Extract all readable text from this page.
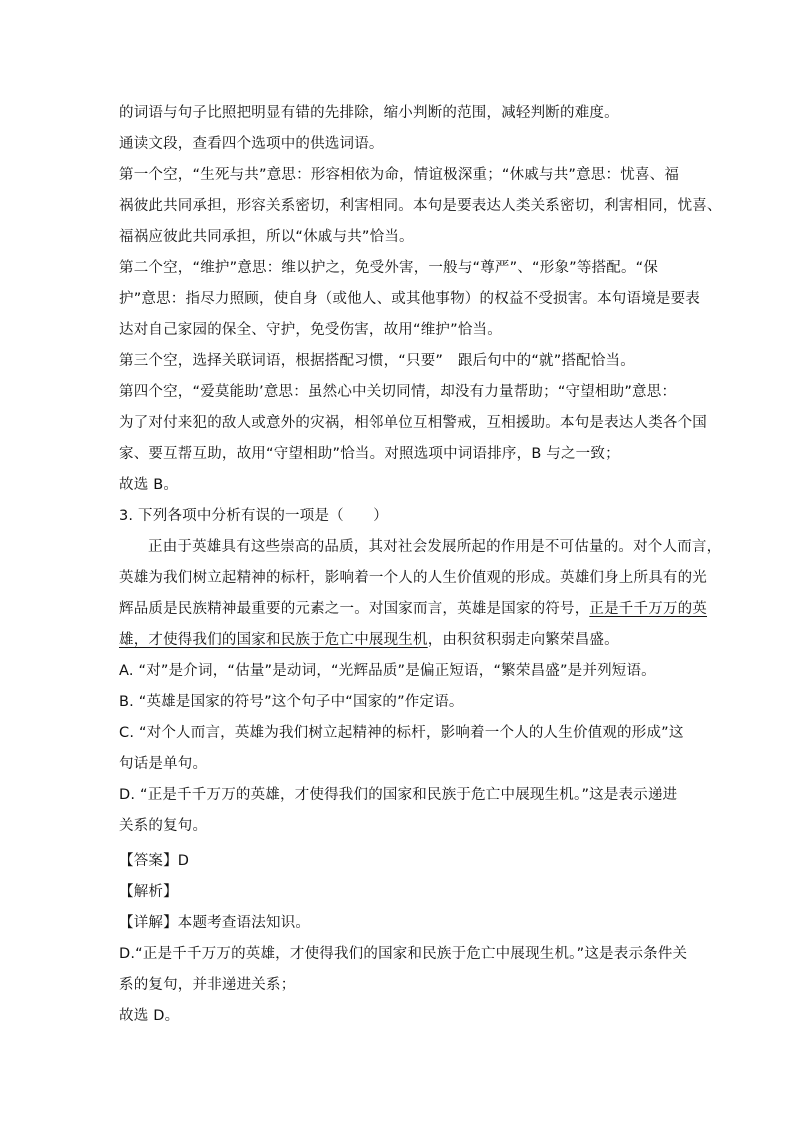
的词语与句子比照把明显有错的先排除，缩小判断的范围，减轻判断的难度。
通读文段，查看四个选项中的供选词语。
第一个空，“生死与共”意思：形容相依为命，情谊极深重；“休戚与共”意思：忧喜、福
祸彼此共同承担，形容关系密切，利害相同。本句是要表达人类关系密切，利害相同，忧喜、
福祸应彼此共同承担，所以“休戚与共”恰当。
第二个空，“维护”意思：维以护之，免受外害，一般与“尊严”、“形象”等搭配。“保
护”意思：指尽力照顾，使自身（或他人、或其他事物）的权益不受损害。本句语境是要表
达对自己家园的保全、守护，免受伤害，故用“维护”恰当。
第三个空，选择关联词语，根据搭配习惯，“只要”　跟后句中的“就”搭配恰当。
第四个空，“爱莫能助’意思：虽然心中关切同情，却没有力量帮助；“守望相助”意思：
为了对付来犯的敌人或意外的灾祸，相邻单位互相警戒，互相援助。本句是表达人类各个国
家、要互帮互助，故用“守望相助”恰当。对照选项中词语排序，B 与之一致；
故选 B。
3. 下列各项中分析有误的一项是（　　）
正由于英雄具有这些崇高的品质，其对社会发展所起的作用是不可估量的。对个人而言，
英雄为我们树立起精神的标杆，影响着一个人的人生价值观的形成。英雄们身上所具有的光
辉品质是民族精神最重要的元素之一。对国家而言，英雄是国家的符号，正是千千万万的英
雄，才使得我们的国家和民族于危亡中展现生机，由积贫积弱走向繁荣昌盛。
A. “对”是介词，“估量”是动词，“光辉品质”是偏正短语，“繁荣昌盛”是并列短语。
B. “英雄是国家的符号”这个句子中“国家的”作定语。
C. “对个人而言，英雄为我们树立起精神的标杆，影响着一个人的人生价值观的形成”这
句话是单句。
D. “正是千千万万的英雄，才使得我们的国家和民族于危亡中展现生机。”这是表示递进
关系的复句。
【答案】D
【解析】
【详解】本题考查语法知识。
D.“正是千千万万的英雄，才使得我们的国家和民族于危亡中展现生机。”这是表示条件关
系的复句，并非递进关系；
故选 D。
